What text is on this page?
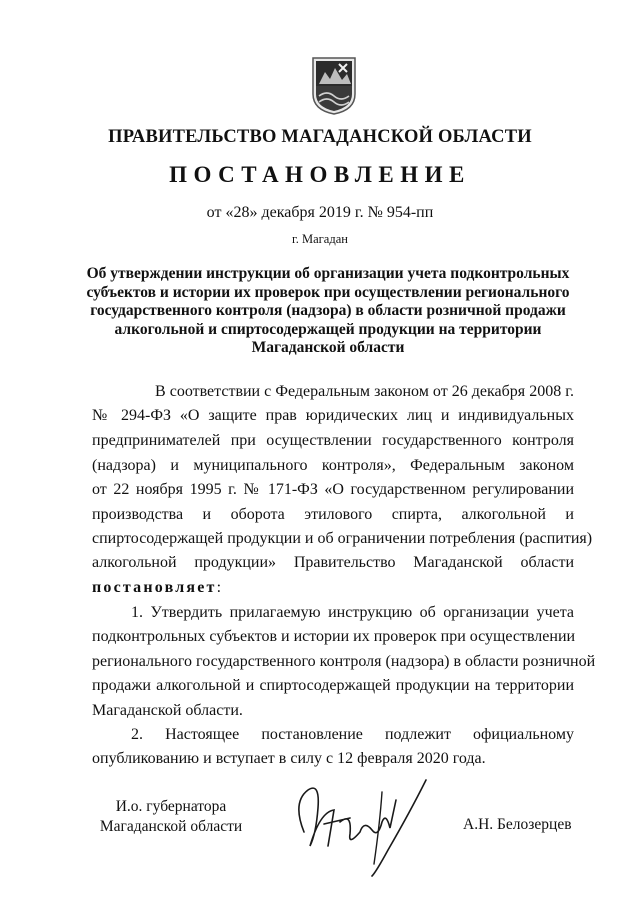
ПРАВИТЕЛЬСТВО МАГАДАНСКОЙ ОБЛАСТИ
ПОСТАНОВЛЕНИЕ
от «28» декабря 2019 г. № 954-пп
г. Магадан
Об утверждении инструкции об организации учета подконтрольных субъектов и истории их проверок при осуществлении регионального государственного контроля (надзора) в области розничной продажи алкогольной и спиртосодержащей продукции на территории Магаданской области
В соответствии с Федеральным законом от 26 декабря 2008 г.
№ 294-ФЗ «О защите прав юридических лиц и индивидуальных
предпринимателей при осуществлении государственного контроля
(надзора) и муниципального контроля», Федеральным законом
от 22 ноября 1995 г. № 171-ФЗ «О государственном регулировании
производства и оборота этилового спирта, алкогольной и
спиртосодержащей продукции и об ограничении потребления (распития)
алкогольной продукции» Правительство Магаданской области
постановляет:
1. Утвердить прилагаемую инструкцию об организации учета
подконтрольных субъектов и истории их проверок при осуществлении
регионального государственного контроля (надзора) в области розничной
продажи алкогольной и спиртосодержащей продукции на территории
Магаданской области.
2. Настоящее постановление подлежит официальному
опубликованию и вступает в силу с 12 февраля 2020 года.
И.о. губернатора
Магаданской области	А.Н. Белозерцев
